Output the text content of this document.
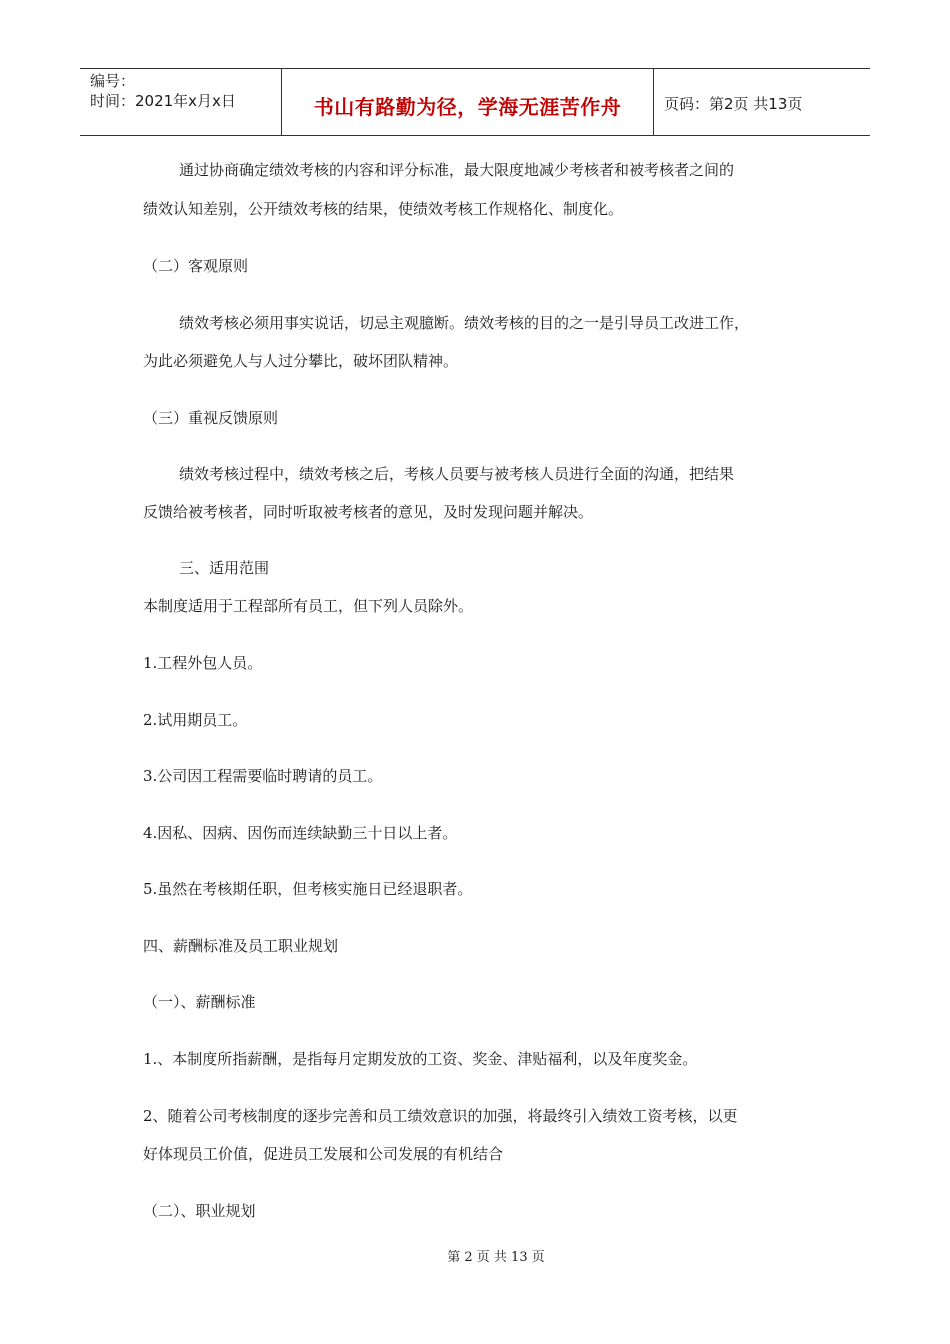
编号：
时间：2021年x月x日	书山有路勤为径，学海无涯苦作舟	页码：第2页 共13页
通过协商确定绩效考核的内容和评分标准，最大限度地减少考核者和被考核者之间的
绩效认知差别，公开绩效考核的结果，使绩效考核工作规格化、制度化。
（二）客观原则
绩效考核必须用事实说话，切忌主观臆断。绩效考核的目的之一是引导员工改进工作，
为此必须避免人与人过分攀比，破坏团队精神。
（三）重视反馈原则
绩效考核过程中，绩效考核之后，考核人员要与被考核人员进行全面的沟通，把结果
反馈给被考核者，同时听取被考核者的意见，及时发现问题并解决。
三、适用范围
本制度适用于工程部所有员工，但下列人员除外。
1.工程外包人员。
2.试用期员工。
3.公司因工程需要临时聘请的员工。
4.因私、因病、因伤而连续缺勤三十日以上者。
5.虽然在考核期任职，但考核实施日已经退职者。
四、薪酬标准及员工职业规划
（一）、薪酬标准
1.、本制度所指薪酬，是指每月定期发放的工资、奖金、津贴福利，以及年度奖金。
2、随着公司考核制度的逐步完善和员工绩效意识的加强，将最终引入绩效工资考核，以更
好体现员工价值，促进员工发展和公司发展的有机结合
（二）、职业规划
第 2 页 共 13 页
